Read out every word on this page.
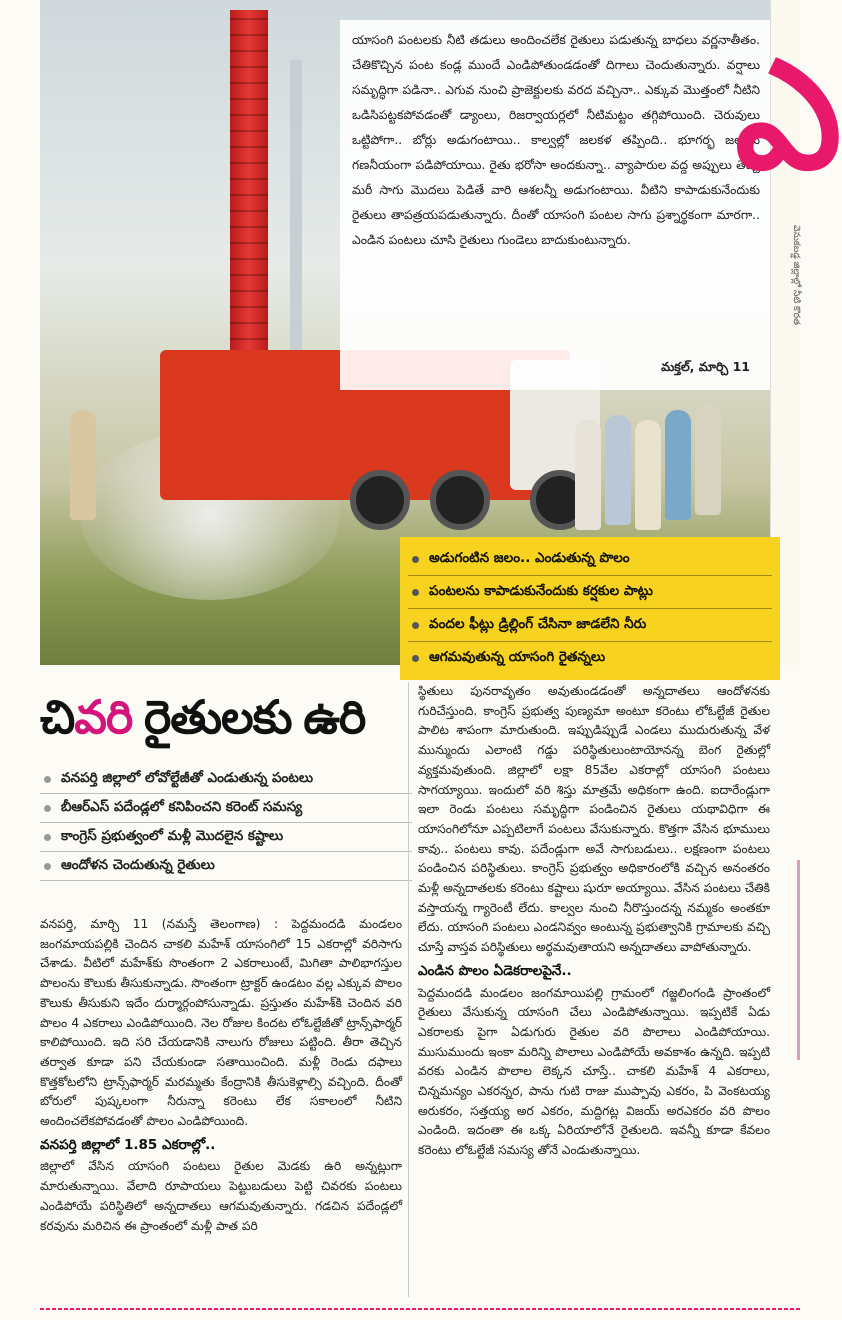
యాసంగి పంటలకు నీటి తడులు అందించలేక రైతులు పడుతున్న బాధలు వర్ణనాతీతం. చేతికొచ్చిన పంట కండ్ల ముందే ఎండిపోతుండడంతో దిగాలు చెందుతున్నారు. వర్షాలు సమృద్ధిగా పడినా.. ఎగువ నుంచి ప్రాజెక్టులకు వరద వచ్చినా.. ఎక్కువ మొత్తంలో నీటిని ఒడిసిపట్టకపోవడంతో డ్యాంలు, రిజర్వాయర్లలో నీటిమట్టం తగ్గిపోయింది. చెరువులు ఒట్టిపోగా.. బోర్లు అడుగంటాయి.. కాల్వల్లో జలకళ తప్పింది.. భూగర్భ జలాలు గణనీయంగా పడిపోయాయి. రైతు భరోసా అందకున్నా.. వ్యాపారుల వద్ద అప్పులు తెచ్చి మరీ సాగు మొదలు పెడితే వారి ఆశలన్నీ అడుగంటాయి. వీటిని కాపాడుకునేందుకు రైతులు తాపత్రయపడుతున్నారు. దీంతో యాసంగి పంటల సాగు ప్రశ్నార్థకంగా మారగా.. ఎండిన పంటలు చూసి రైతులు గుండెలు బాదుకుంటున్నారు.

మక్తల్‌, మార్చి 11
ఎ
వెనుకబడ్డ జిల్లాల్లో నీటి కొరత
అడుగంటిన జలం.. ఎండుతున్న పొలం
పంటలను కాపాడుకునేందుకు కర్షకుల పాట్లు
వందల ఫీట్లు డ్రిల్లింగ్‌ చేసినా జాడలేని నీరు
ఆగమవుతున్న యాసంగి రైతన్నలు
చివరి రైతులకు ఉరి
వనపర్తి జిల్లాలో లోవోల్టేజీతో ఎండుతున్న పంటలు
బీఆర్‌ఎస్‌ పదేండ్లలో కనిపించని కరెంట్‌ సమస్య
కాంగ్రెస్‌ ప్రభుత్వంలో మళ్లీ మొదలైన కష్టాలు
ఆందోళన చెందుతున్న రైతులు

వనపర్తి, మార్చి 11 (నమస్తే తెలంగాణ) : పెద్దమందడి మండలం జంగమాయపల్లికి చెందిన చాకలి మహేశ్‌ యాసంగిలో 15 ఎకరాల్లో వరిసాగు చేశాడు. వీటిలో మహేశ్‌కు సొంతంగా 2 ఎకరాలుంటే, మిగితా పాలిభాగస్తుల పొలంను కౌలుకు తీసుకున్నాడు. సొంతంగా ట్రాక్టర్‌ ఉండటం వల్ల ఎక్కువ పొలం కౌలుకు తీసుకుని ఇదేం దుర్మార్గంపోసున్నాడు. ప్రస్తుతం మహేశ్‌కి చెందిన వరి పొలం 4 ఎకరాలు ఎండిపోయింది. నెల రోజుల కిందట లోఓల్టేజీతో ట్రాన్స్‌ఫార్మర్‌ కాలిపోయింది. ఇది సరి చేయడానికి నాలుగు రోజులు పట్టింది. తీరా తెచ్చిన తర్వాత కూడా పని చేయకుండా సతాయించింది. మళ్లీ రెండు దఫాలు కొత్తకోటలోని ట్రాన్స్‌ఫార్మర్‌ మరమ్మతు కేంద్రానికి తీసుకెళ్లాల్సి వచ్చింది. దీంతో బోరులో పుష్కలంగా నీరున్నా కరెంటు లేక సకాలంలో నీటిని అందించలేకపోవడంతో పొలం ఎండిపోయింది.

వనపర్తి జిల్లాలో 1.85 ఎకరాల్లో..

జిల్లాలో వేసిన యాసంగి పంటలు రైతుల మెడకు ఉరి అన్నట్లుగా మారుతున్నాయి. వేలాది రూపాయలు పెట్టుబడులు పెట్టి చివరకు పంటలు ఎండిపోయే పరిస్థితిలో అన్నదాతలు ఆగమవుతున్నారు. గడచిన పదేండ్లలో కరవును మరిచిన ఈ ప్రాంతంలో మళ్లీ పాత పరి

స్థితులు పునరావృతం అవుతుండడంతో అన్నదాతలు ఆందోళనకు గురిచేస్తుంది. కాంగ్రెస్‌ ప్రభుత్వ పుణ్యమా అంటూ కరెంటు లోఓల్టేజీ రైతుల పాలిట శాపంగా మారుతుంది. ఇప్పుడిప్పుడే ఎండలు ముదురుతున్న వేళ మున్ముందు ఎలాంటి గడ్డు పరిస్థితులుంటాయోనన్న బెంగ రైతుల్లో వ్యక్తమవుతుంది. జిల్లాలో లక్షా 85వేల ఎకరాల్లో యాసంగి పంటలు సాగయ్యాయి. ఇందులో వరి శిస్తు మాత్రమే అధికంగా ఉంది. ఐదారేండ్లుగా ఇలా రెండు పంటలు సమృద్ధిగా పండించిన రైతులు యథావిధిగా ఈ యాసంగిలోనూ ఎప్పటిలాగే పంటలు వేసుకున్నారు. కొత్తగా వేసిన భూములు కావు.. పంటలు కావు. పదేండ్లుగా అవే సాగుబడులు.. లక్షణంగా పంటలు పండించిన పరిస్థితులు. కాంగ్రెస్‌ ప్రభుత్వం అధికారంలోకి వచ్చిన అనంతరం మళ్లీ అన్నదాతలకు కరెంటు కష్టాలు షురూ అయ్యాయి. వేసిన పంటలు చేతికి వస్తాయన్న గ్యారెంటీ లేదు. కాల్వల నుంచి నీరొస్తుందన్న నమ్మకం అంతకూ లేదు. యాసంగి పంటలు ఎండనివ్వం అంటున్న ప్రభుత్వానికి గ్రామాలకు వచ్చి చూస్తే వాస్తవ పరిస్థితులు అర్థమవుతాయని అన్నదాతలు వాపోతున్నారు.

ఎండిన పొలం ఏడెకరాలపైనే..

పెద్దమందడి మండలం జంగమాయిపల్లి గ్రామంలో గజ్జలింగండి ప్రాంతంలో రైతులు వేసుకున్న యాసంగి చేలు ఎండిపోతున్నాయి. ఇప్పటికే ఏడు ఎకరాలకు పైగా ఏడుగురు రైతుల వరి పొలాలు ఎండిపోయాయి. ముసుముందు ఇంకా మరిన్ని పొలాలు ఎండిపోయే అవకాశం ఉన్నది. ఇప్పటి వరకు ఎండిన పొలాల లెక్కన చూస్తే.. చాకలి మహేశ్‌ 4 ఎకరాలు, చిన్నమన్యం ఎకరన్నర, పాను గుటి రాజు ముప్పావు ఎకరం, పి వెంకటయ్య అరుకరం, సత్తయ్య అర ఎకరం, మద్దిగట్ల విజయ్‌ అరఎకరం వరి పొలం ఎండింది. ఇదంతా ఈ ఒక్క ఏరియాలోనే రైతులది. ఇవన్నీ కూడా కేవలం కరెంటు లోఓల్టేజీ సమస్య తోనే ఎండుతున్నాయి.
